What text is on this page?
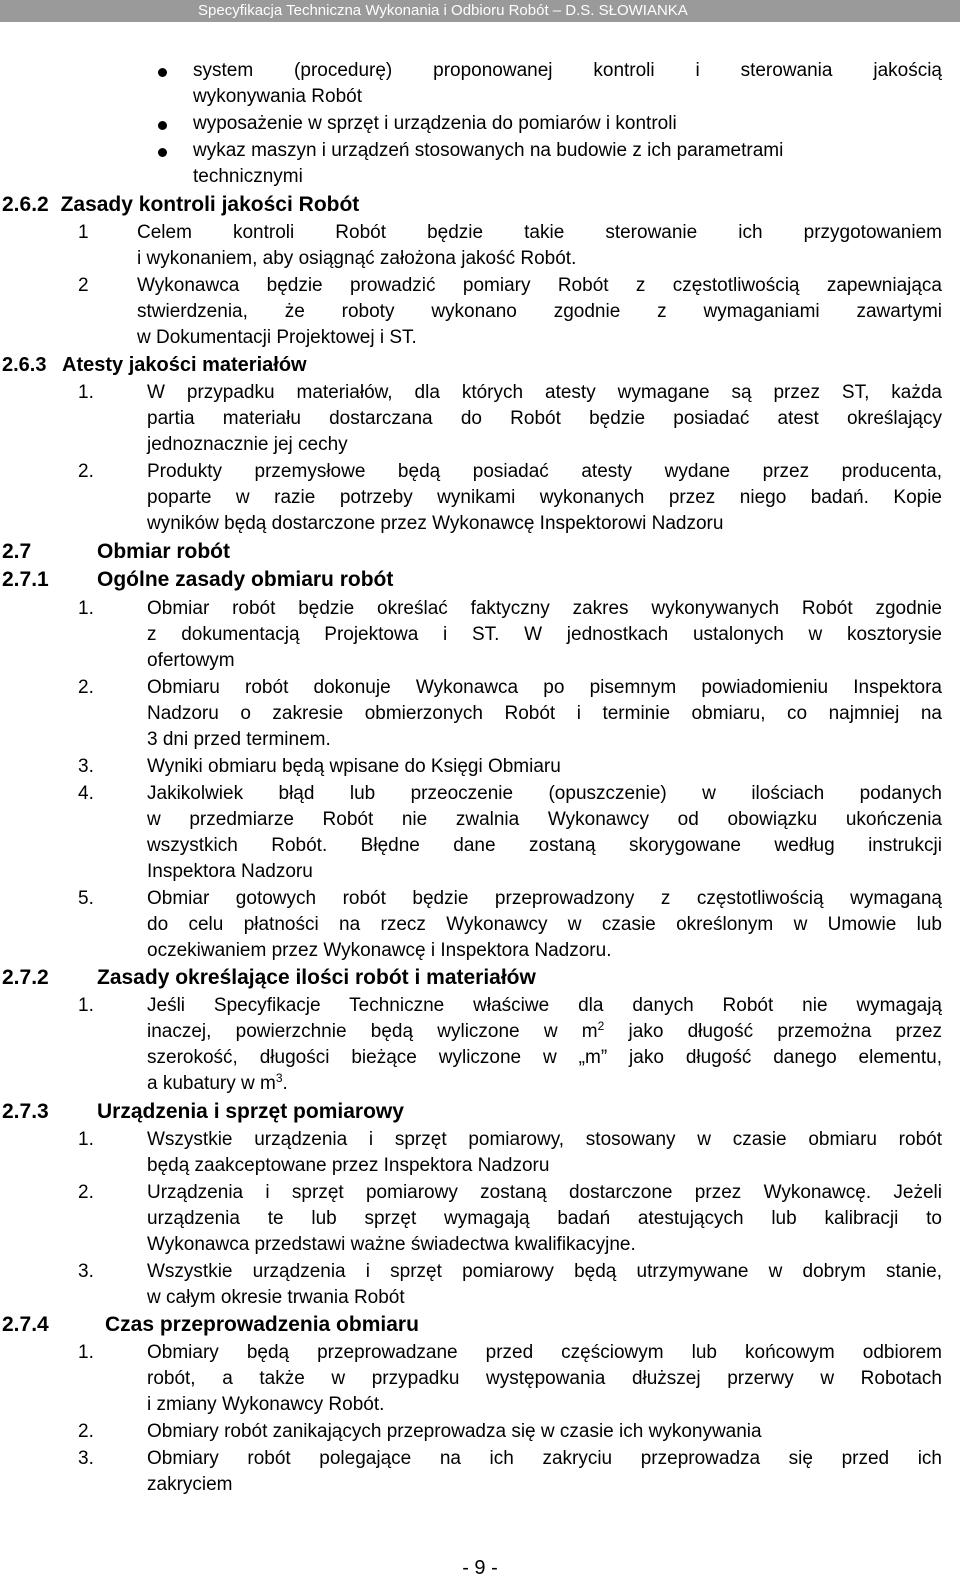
Specyfikacja Techniczna Wykonania i Odbioru Robót – D.S. SŁOWIANKA
system (procedurę) proponowanej kontroli i sterowania jakością
wykonywania Robót
wyposażenie w sprzęt i urządzenia do pomiarów i kontroli
wykaz maszyn i urządzeń stosowanych na budowie z ich parametrami
technicznymi
2.6.2 Zasady kontroli jakości Robót
1	Celem kontroli Robót będzie takie sterowanie ich przygotowaniem
i wykonaniem, aby osiągnąć założona jakość Robót.
2	Wykonawca będzie prowadzić pomiary Robót z częstotliwością zapewniająca
stwierdzenia, że roboty wykonano zgodnie z wymaganiami zawartymi
w Dokumentacji Projektowej i ST.
2.6.3 Atesty jakości materiałów
1.	W przypadku materiałów, dla których atesty wymagane są przez ST, każda
partia materiału dostarczana do Robót będzie posiadać atest określający
jednoznacznie jej cechy
2.	Produkty przemysłowe będą posiadać atesty wydane przez producenta,
poparte w razie potrzeby wynikami wykonanych przez niego badań. Kopie
wyników będą dostarczone przez Wykonawcę Inspektorowi Nadzoru
2.7	Obmiar robót
2.7.1 Ogólne zasady obmiaru robót
1.	Obmiar robót będzie określać faktyczny zakres wykonywanych Robót zgodnie
z dokumentacją Projektowa i ST. W jednostkach ustalonych w kosztorysie
ofertowym
2.	Obmiaru robót dokonuje Wykonawca po pisemnym powiadomieniu Inspektora
Nadzoru o zakresie obmierzonych Robót i terminie obmiaru, co najmniej na
3 dni przed terminem.
3.	Wyniki obmiaru będą wpisane do Księgi Obmiaru
4.	Jakikolwiek błąd lub przeoczenie (opuszczenie) w ilościach podanych
w przedmiarze Robót nie zwalnia Wykonawcy od obowiązku ukończenia
wszystkich Robót. Błędne dane zostaną skorygowane według instrukcji
Inspektora Nadzoru
5.	Obmiar gotowych robót będzie przeprowadzony z częstotliwością wymaganą
do celu płatności na rzecz Wykonawcy w czasie określonym w Umowie lub
oczekiwaniem przez Wykonawcę i Inspektora Nadzoru.
2.7.2 Zasady określające ilości robót i materiałów
1.	Jeśli Specyfikacje Techniczne właściwe dla danych Robót nie wymagają
inaczej, powierzchnie będą wyliczone w $m^2$ jako długość przemożna przez
szerokość, długości bieżące wyliczone w „m” jako długość danego elementu,
a kubatury w $m^3$.
2.7.3 Urządzenia i sprzęt pomiarowy
1.	Wszystkie urządzenia i sprzęt pomiarowy, stosowany w czasie obmiaru robót
będą zaakceptowane przez Inspektora Nadzoru
2.	Urządzenia i sprzęt pomiarowy zostaną dostarczone przez Wykonawcę. Jeżeli
urządzenia te lub sprzęt wymagają badań atestujących lub kalibracji to
Wykonawca przedstawi ważne świadectwa kwalifikacyjne.
3.	Wszystkie urządzenia i sprzęt pomiarowy będą utrzymywane w dobrym stanie,
w całym okresie trwania Robót
2.7.4	Czas przeprowadzenia obmiaru
1.	Obmiary będą przeprowadzane przed częściowym lub końcowym odbiorem
robót, a także w przypadku występowania dłuższej przerwy w Robotach
i zmiany Wykonawcy Robót.
2.	Obmiary robót zanikających przeprowadza się w czasie ich wykonywania
3.	Obmiary robót polegające na ich zakryciu przeprowadza się przed ich
zakryciem
- 9 -
